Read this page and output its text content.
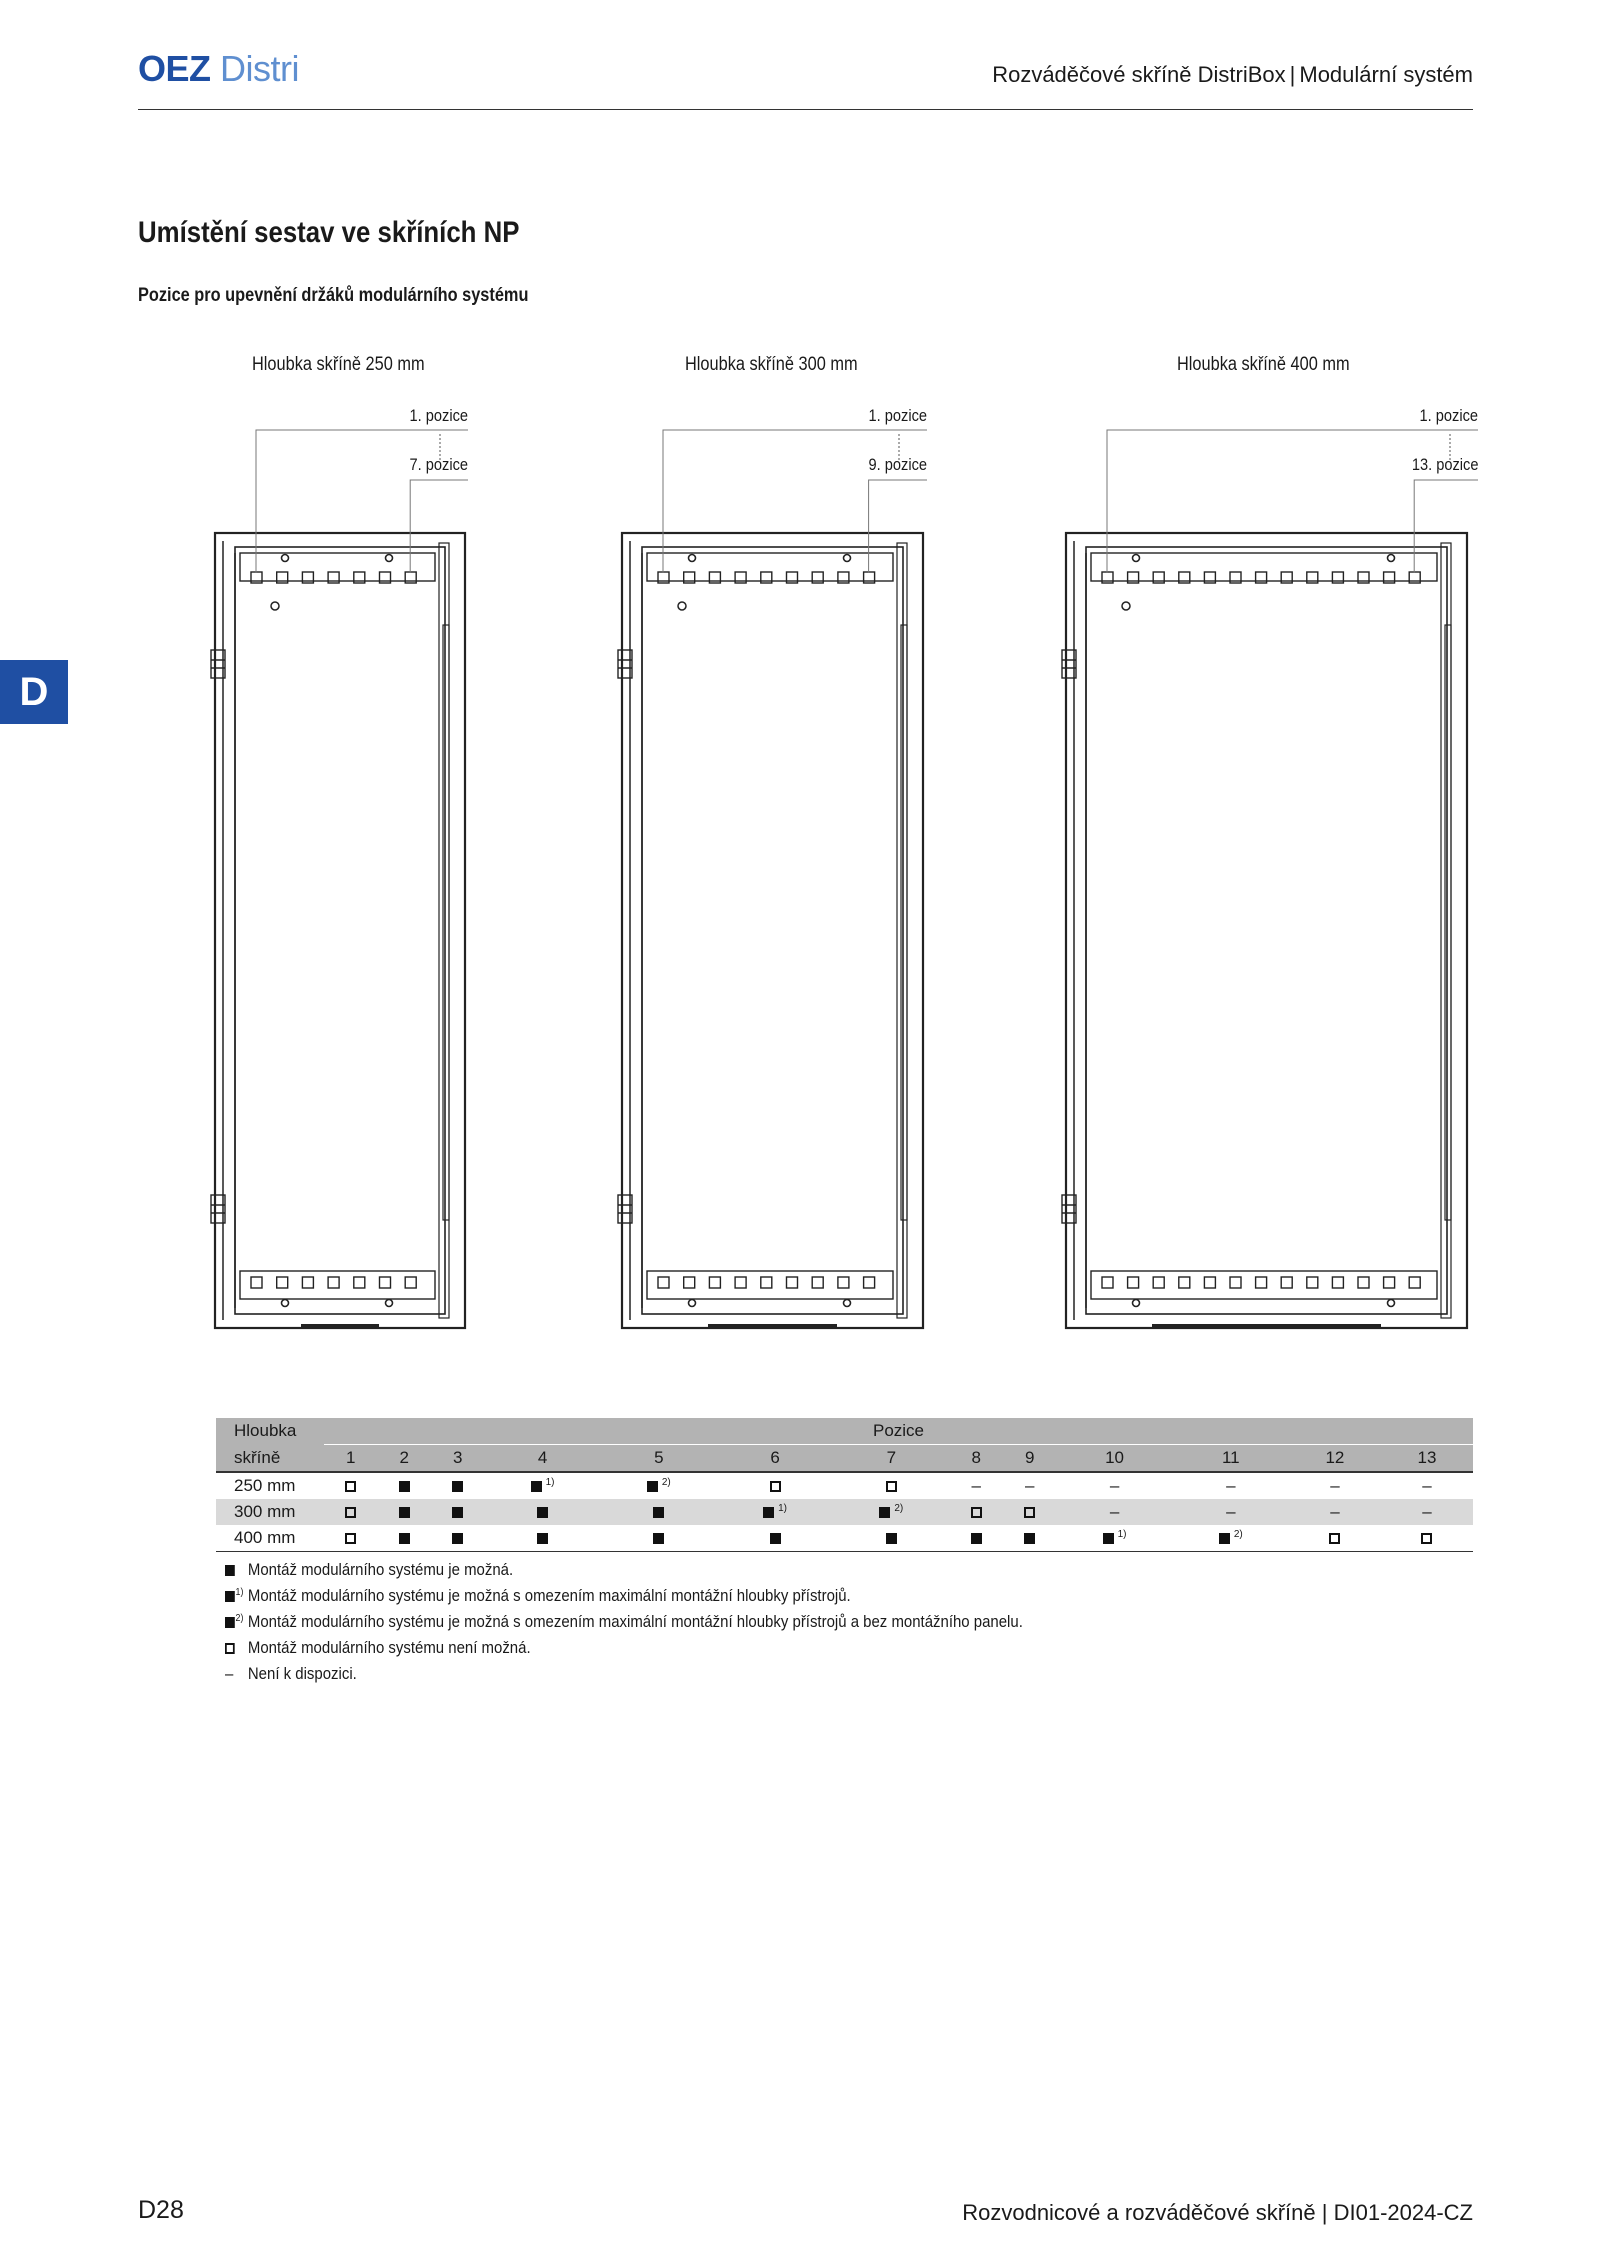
OEZ Distri	Rozváděčové skříně DistriBox | Modulární systém
D
Umístění sestav ve skříních NP
Pozice pro upevnění držáků modulárního systému
Hloubka skříně 250 mm	Hloubka skříně 300 mm	Hloubka skříně 400 mm
1. pozice
7. pozice
1. pozice
9. pozice
1. pozice
13. pozice
Hloubka	Pozice												
skříně	1	2	3	4	5	6	7	8	9	10	11	12	13
250 mm				$^{1)}$	$^{2)}$			–	–	–	–	–	–
300 mm						$^{1)}$	$^{2)}$			–	–	–	–
400 mm										$^{1)}$	$^{2)}$		
Montáž modulárního systému je možná.
$^{1)}$ Montáž modulárního systému je možná s omezením maximální montážní hloubky přístrojů.
$^{2)}$ Montáž modulárního systému je možná s omezením maximální montážní hloubky přístrojů a bez montážního panelu.
Montáž modulárního systému není možná.
– Není k dispozici.
D28	Rozvodnicové a rozváděčové skříně | DI01-2024-CZ
